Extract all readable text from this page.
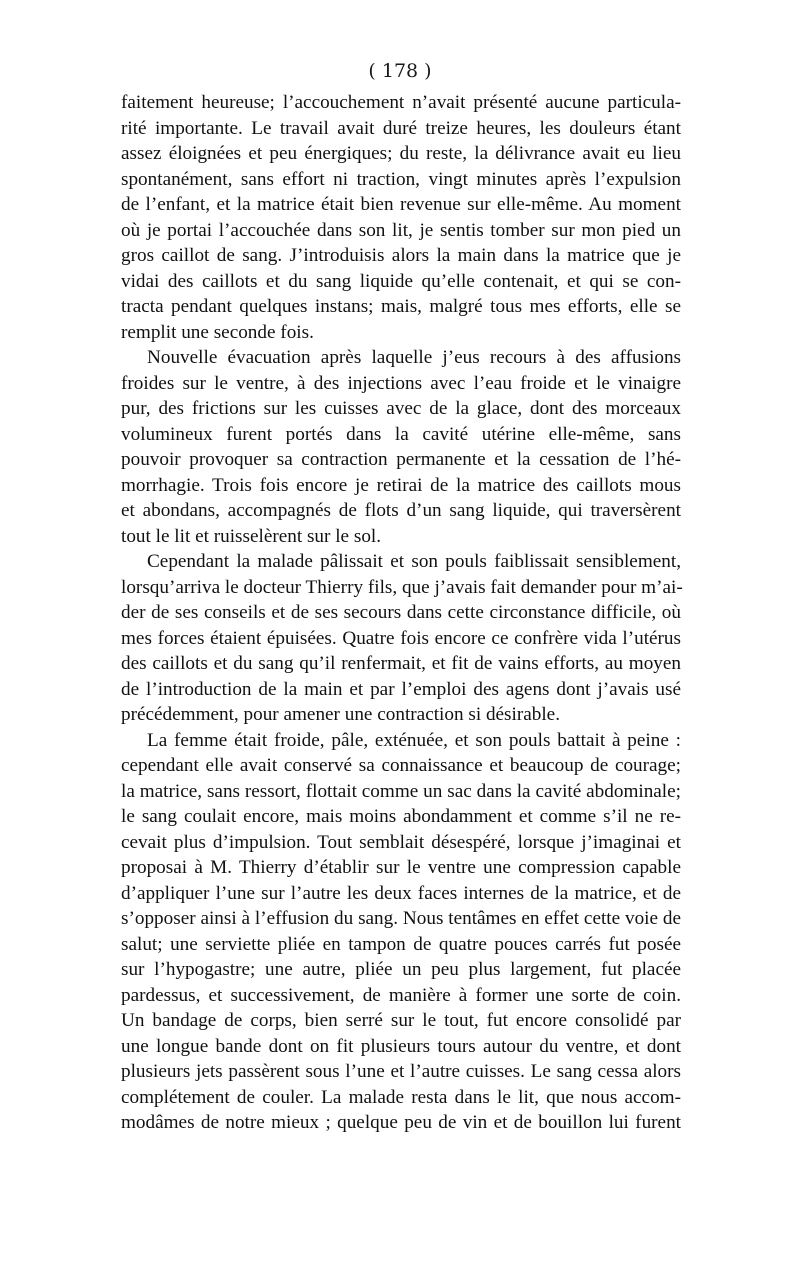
( 178 )

faitement heureuse; l’accouchement n’avait présenté aucune particula-
rité importante. Le travail avait duré treize heures, les douleurs étant
assez éloignées et peu énergiques; du reste, la délivrance avait eu lieu
spontanément, sans effort ni traction, vingt minutes après l’expulsion
de l’enfant, et la matrice était bien revenue sur elle-même. Au moment
où je portai l’accouchée dans son lit, je sentis tomber sur mon pied un
gros caillot de sang. J’introduisis alors la main dans la matrice que je
vidai des caillots et du sang liquide qu’elle contenait, et qui se con-
tracta pendant quelques instans; mais, malgré tous mes efforts, elle se
remplit une seconde fois.
Nouvelle évacuation après laquelle j’eus recours à des affusions
froides sur le ventre, à des injections avec l’eau froide et le vinaigre
pur, des frictions sur les cuisses avec de la glace, dont des morceaux
volumineux furent portés dans la cavité utérine elle-même, sans
pouvoir provoquer sa contraction permanente et la cessation de l’hé-
morrhagie. Trois fois encore je retirai de la matrice des caillots mous
et abondans, accompagnés de flots d’un sang liquide, qui traversèrent
tout le lit et ruisselèrent sur le sol.
Cependant la malade pâlissait et son pouls faiblissait sensiblement,
lorsqu’arriva le docteur Thierry fils, que j’avais fait demander pour m’ai-
der de ses conseils et de ses secours dans cette circonstance difficile, où
mes forces étaient épuisées. Quatre fois encore ce confrère vida l’utérus
des caillots et du sang qu’il renfermait, et fit de vains efforts, au moyen
de l’introduction de la main et par l’emploi des agens dont j’avais usé
précédemment, pour amener une contraction si désirable.
La femme était froide, pâle, exténuée, et son pouls battait à peine :
cependant elle avait conservé sa connaissance et beaucoup de courage;
la matrice, sans ressort, flottait comme un sac dans la cavité abdominale;
le sang coulait encore, mais moins abondamment et comme s’il ne re-
cevait plus d’impulsion. Tout semblait désespéré, lorsque j’imaginai et
proposai à M. Thierry d’établir sur le ventre une compression capable
d’appliquer l’une sur l’autre les deux faces internes de la matrice, et de
s’opposer ainsi à l’effusion du sang. Nous tentâmes en effet cette voie de
salut; une serviette pliée en tampon de quatre pouces carrés fut posée
sur l’hypogastre; une autre, pliée un peu plus largement, fut placée
pardessus, et successivement, de manière à former une sorte de coin.
Un bandage de corps, bien serré sur le tout, fut encore consolidé par
une longue bande dont on fit plusieurs tours autour du ventre, et dont
plusieurs jets passèrent sous l’une et l’autre cuisses. Le sang cessa alors
complétement de couler. La malade resta dans le lit, que nous accom-
modâmes de notre mieux ; quelque peu de vin et de bouillon lui furent
